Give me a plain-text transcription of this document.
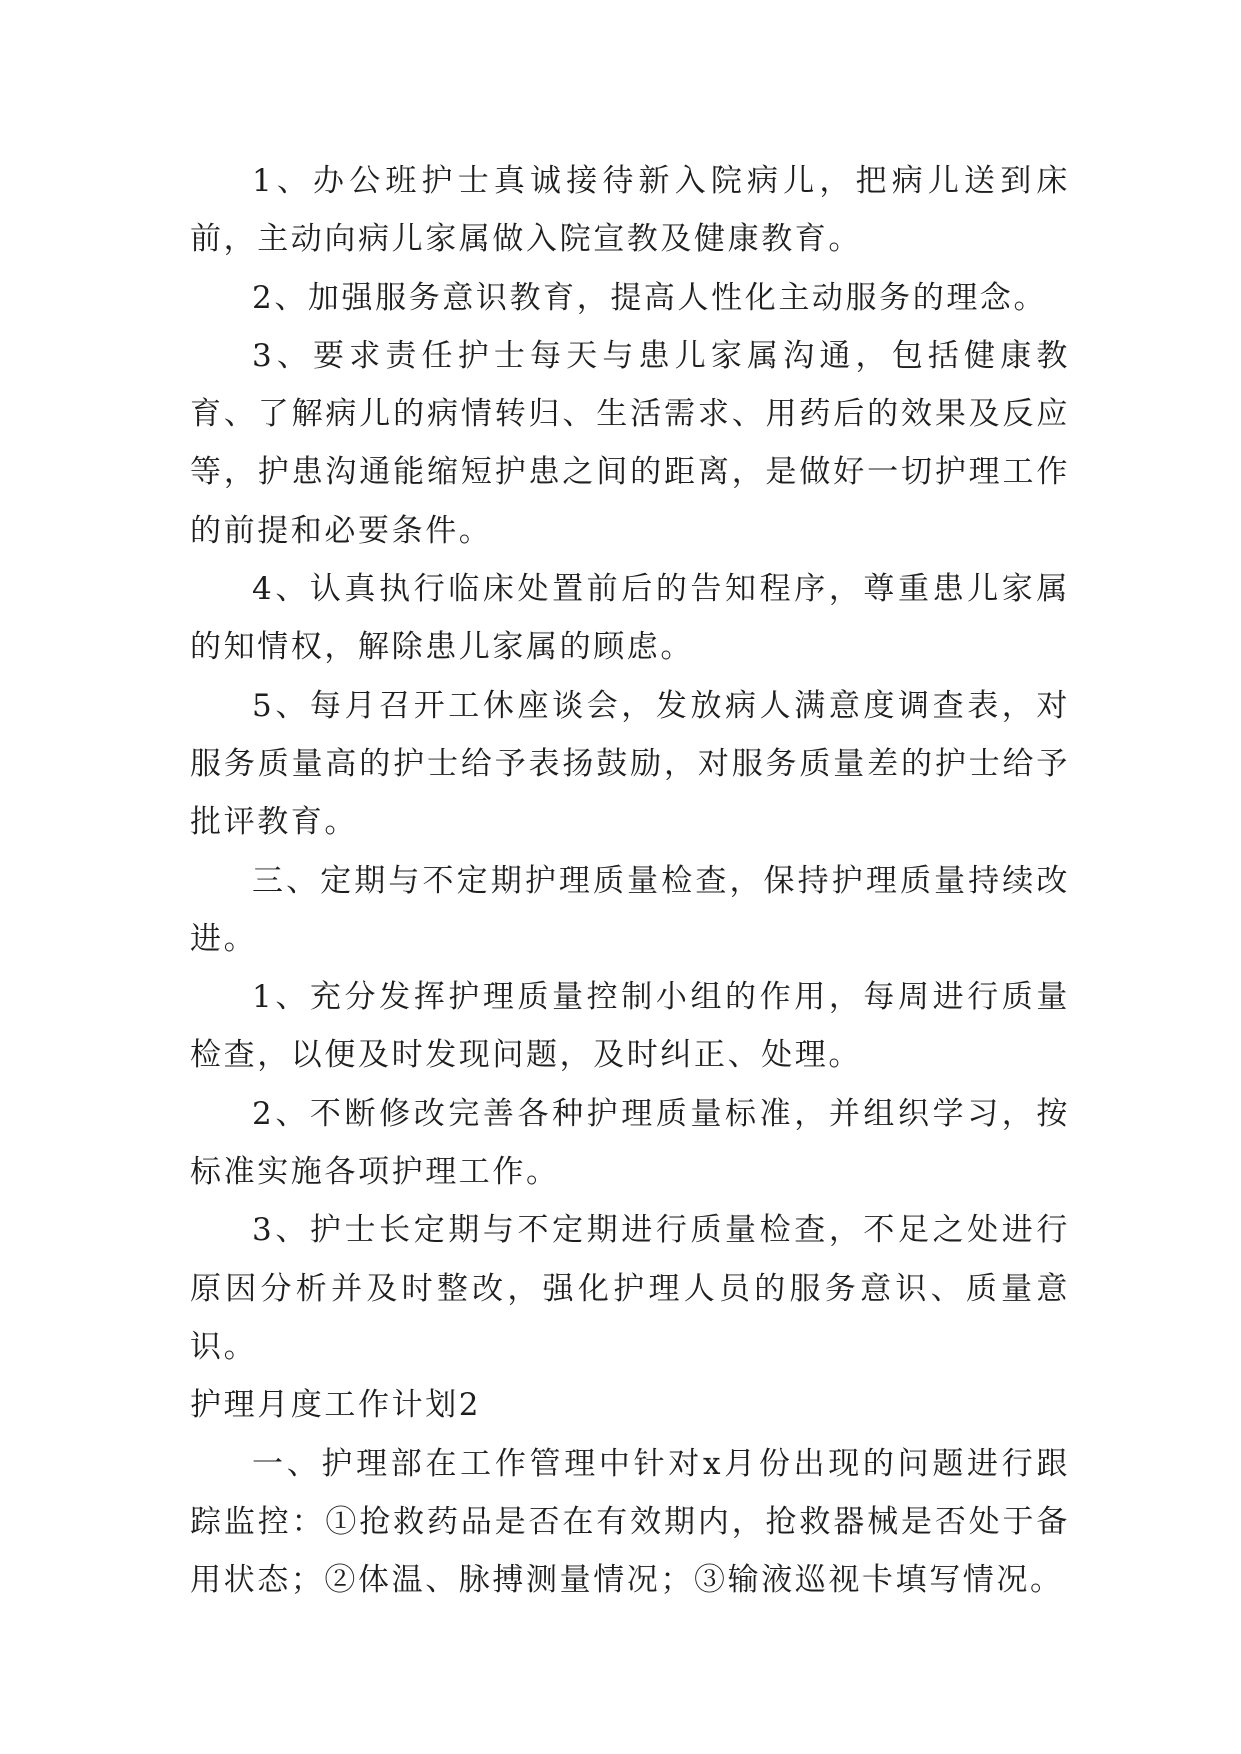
1、办公班护士真诚接待新入院病儿，把病儿送到床前，主动向病儿家属做入院宣教及健康教育。

2、加强服务意识教育，提高人性化主动服务的理念。

3、要求责任护士每天与患儿家属沟通，包括健康教育、了解病儿的病情转归、生活需求、用药后的效果及反应等，护患沟通能缩短护患之间的距离，是做好一切护理工作的前提和必要条件。

4、认真执行临床处置前后的告知程序，尊重患儿家属的知情权，解除患儿家属的顾虑。

5、每月召开工休座谈会，发放病人满意度调查表，对服务质量高的护士给予表扬鼓励，对服务质量差的护士给予批评教育。

三、定期与不定期护理质量检查，保持护理质量持续改进。

1、充分发挥护理质量控制小组的作用，每周进行质量检查，以便及时发现问题，及时纠正、处理。

2、不断修改完善各种护理质量标准，并组织学习，按标准实施各项护理工作。

3、护士长定期与不定期进行质量检查，不足之处进行原因分析并及时整改，强化护理人员的服务意识、质量意识。

护理月度工作计划2

一、护理部在工作管理中针对x月份出现的问题进行跟踪监控：①抢救药品是否在有效期内，抢救器械是否处于备用状态；②体温、脉搏测量情况；③输液巡视卡填写情况。
